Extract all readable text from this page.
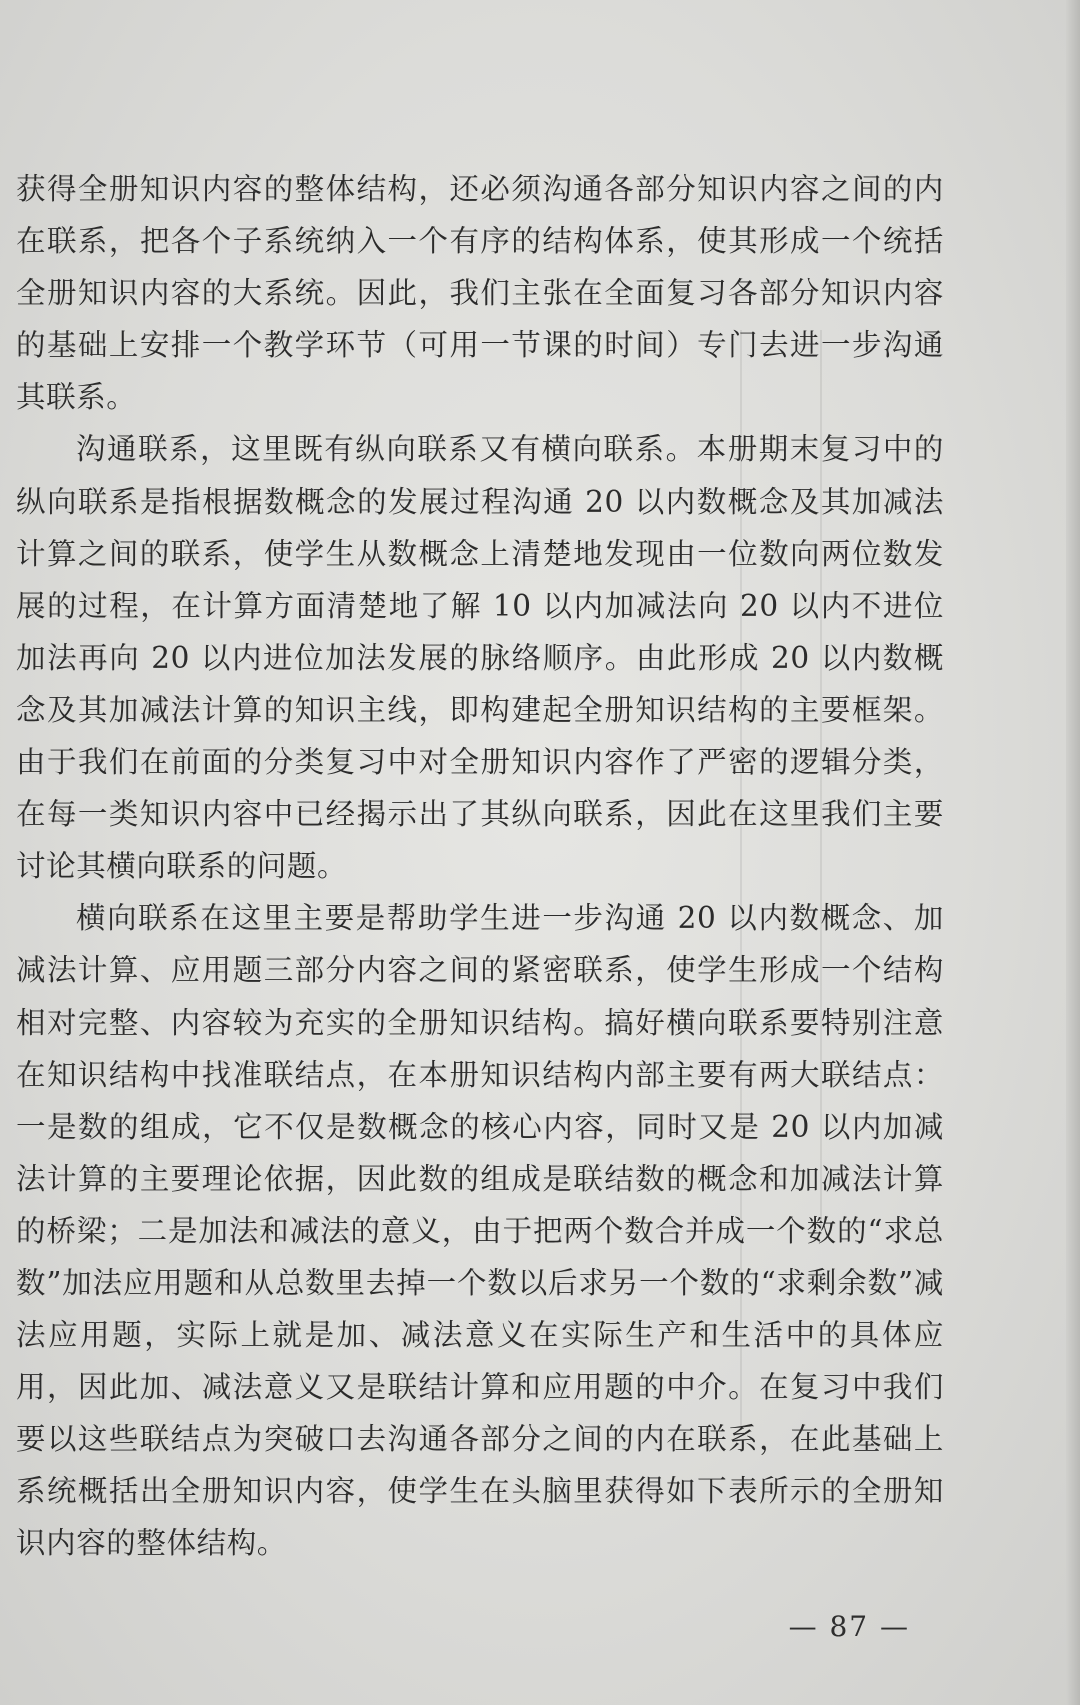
获得全册知识内容的整体结构，还必须沟通各部分知识内容之间的内在联系，把各个子系统纳入一个有序的结构体系，使其形成一个统括全册知识内容的大系统。因此，我们主张在全面复习各部分知识内容的基础上安排一个教学环节（可用一节课的时间）专门去进一步沟通其联系。

沟通联系，这里既有纵向联系又有横向联系。本册期末复习中的纵向联系是指根据数概念的发展过程沟通 20 以内数概念及其加减法计算之间的联系，使学生从数概念上清楚地发现由一位数向两位数发展的过程，在计算方面清楚地了解 10 以内加减法向 20 以内不进位加法再向 20 以内进位加法发展的脉络顺序。由此形成 20 以内数概念及其加减法计算的知识主线，即构建起全册知识结构的主要框架。由于我们在前面的分类复习中对全册知识内容作了严密的逻辑分类，在每一类知识内容中已经揭示出了其纵向联系，因此在这里我们主要讨论其横向联系的问题。

横向联系在这里主要是帮助学生进一步沟通 20 以内数概念、加减法计算、应用题三部分内容之间的紧密联系，使学生形成一个结构相对完整、内容较为充实的全册知识结构。搞好横向联系要特别注意在知识结构中找准联结点，在本册知识结构内部主要有两大联结点：一是数的组成，它不仅是数概念的核心内容，同时又是 20 以内加减法计算的主要理论依据，因此数的组成是联结数的概念和加减法计算的桥梁；二是加法和减法的意义，由于把两个数合并成一个数的“求总数”加法应用题和从总数里去掉一个数以后求另一个数的“求剩余数”减法应用题，实际上就是加、减法意义在实际生产和生活中的具体应用，因此加、减法意义又是联结计算和应用题的中介。在复习中我们要以这些联结点为突破口去沟通各部分之间的内在联系，在此基础上系统概括出全册知识内容，使学生在头脑里获得如下表所示的全册知识内容的整体结构。

— 87 —
